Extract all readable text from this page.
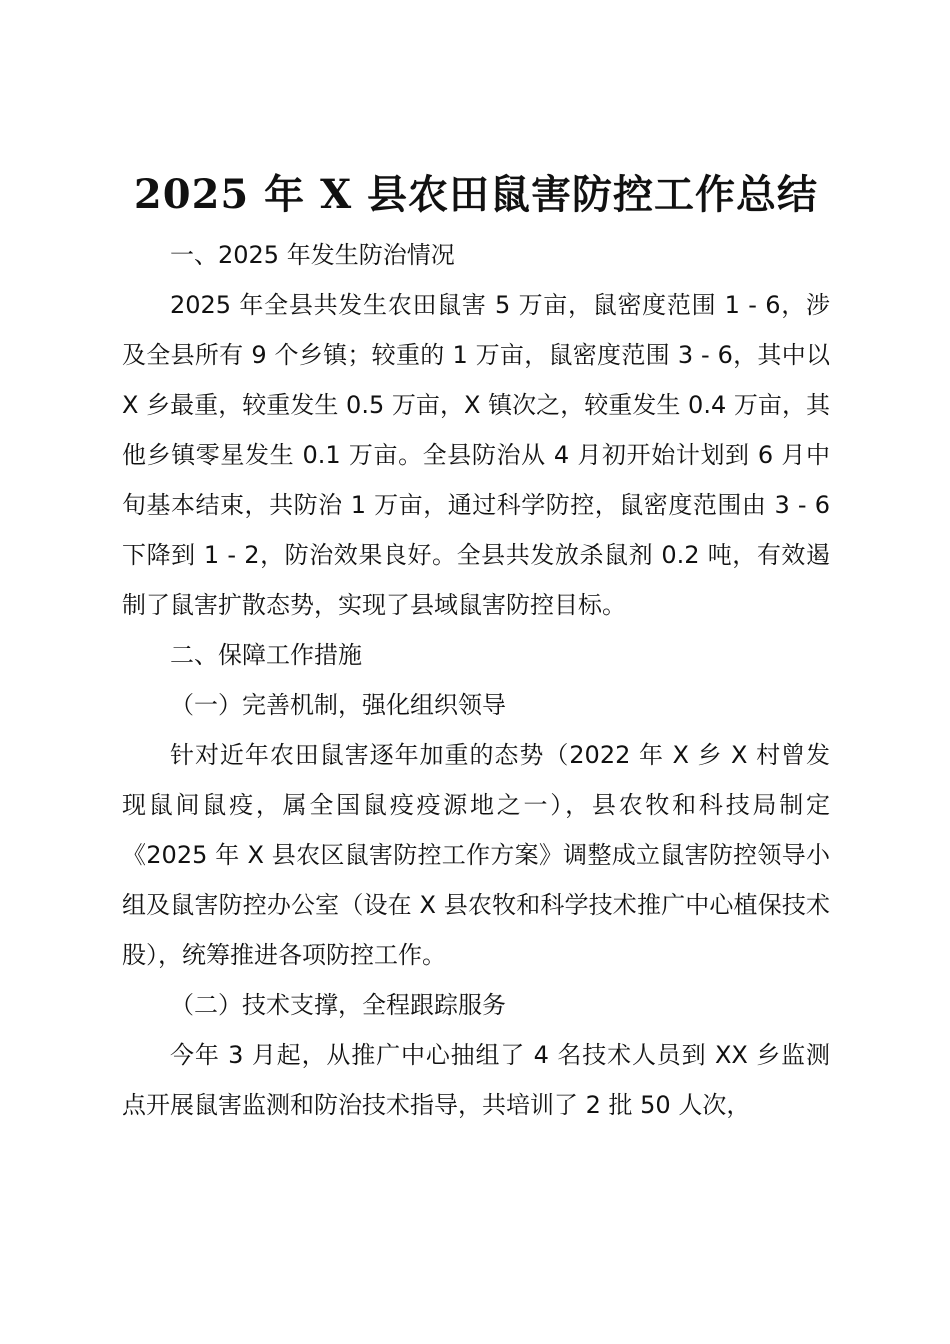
2025 年 X 县农田鼠害防控工作总结

一、2025 年发生防治情况

2025 年全县共发生农田鼠害 5 万亩，鼠密度范围 1 - 6，涉及全县所有 9 个乡镇；较重的 1 万亩，鼠密度范围 3 - 6，其中以 X 乡最重，较重发生 0.5 万亩，X 镇次之，较重发生 0.4 万亩，其他乡镇零星发生 0.1 万亩。全县防治从 4 月初开始计划到 6 月中旬基本结束，共防治 1 万亩，通过科学防控，鼠密度范围由 3 - 6 下降到 1 - 2，防治效果良好。全县共发放杀鼠剂 0.2 吨，有效遏制了鼠害扩散态势，实现了县域鼠害防控目标。

二、保障工作措施

（一）完善机制，强化组织领导

针对近年农田鼠害逐年加重的态势（2022 年 X 乡 X 村曾发现鼠间鼠疫，属全国鼠疫疫源地之一），县农牧和科技局制定《2025 年 X 县农区鼠害防控工作方案》调整成立鼠害防控领导小组及鼠害防控办公室（设在 X 县农牧和科学技术推广中心植保技术股），统筹推进各项防控工作。

（二）技术支撑，全程跟踪服务

今年 3 月起，从推广中心抽组了 4 名技术人员到 XX 乡监测点开展鼠害监测和防治技术指导，共培训了 2 批 50 人次，
